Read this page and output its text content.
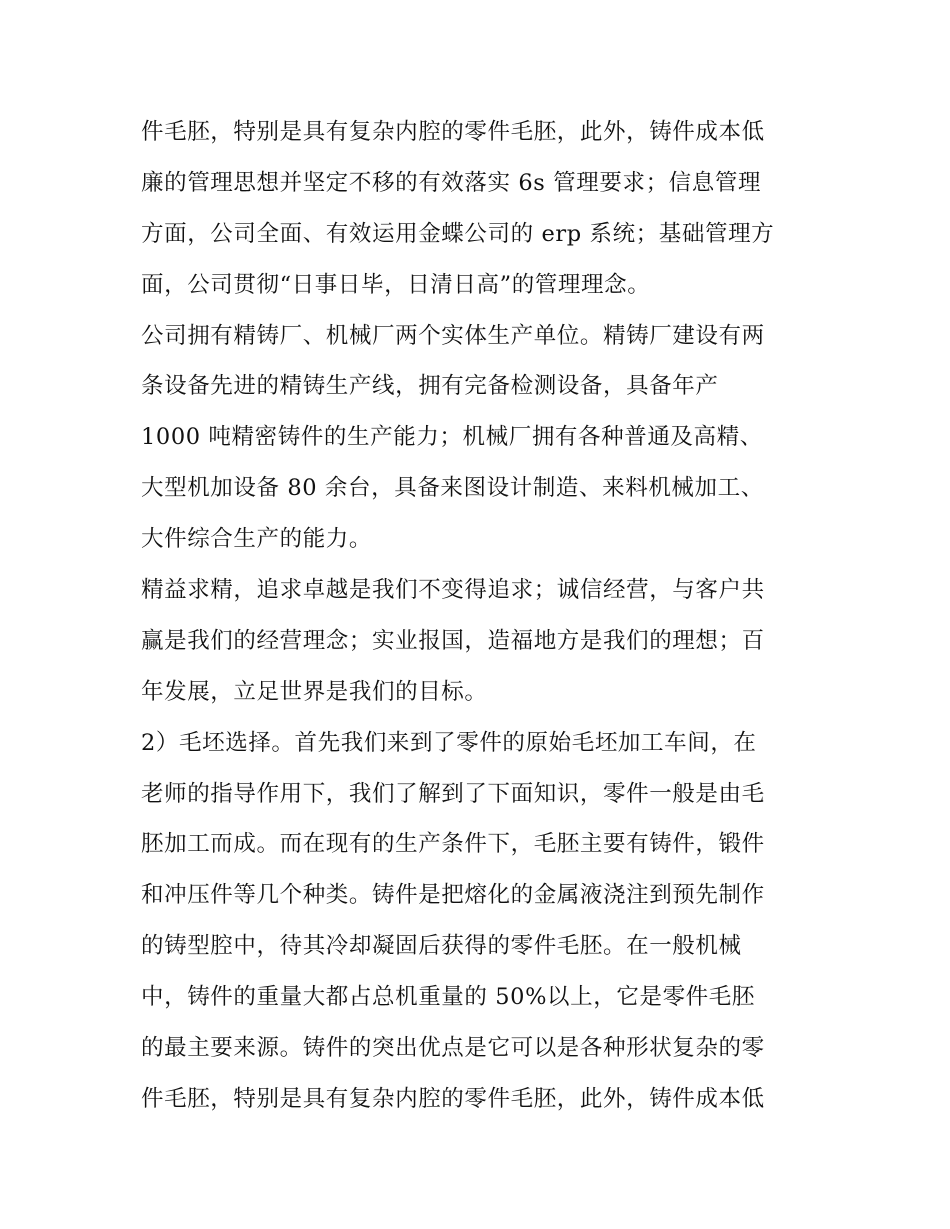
件毛胚，特别是具有复杂内腔的零件毛胚，此外，铸件成本低
廉的管理思想并坚定不移的有效落实 6s 管理要求；信息管理
方面，公司全面、有效运用金蝶公司的 erp 系统；基础管理方
面，公司贯彻“日事日毕，日清日高”的管理理念。
公司拥有精铸厂、机械厂两个实体生产单位。精铸厂建设有两
条设备先进的精铸生产线，拥有完备检测设备，具备年产
1000 吨精密铸件的生产能力；机械厂拥有各种普通及高精、
大型机加设备 80 余台，具备来图设计制造、来料机械加工、
大件综合生产的能力。
精益求精，追求卓越是我们不变得追求；诚信经营，与客户共
赢是我们的经营理念；实业报国，造福地方是我们的理想；百
年发展，立足世界是我们的目标。
2）毛坯选择。首先我们来到了零件的原始毛坯加工车间，在
老师的指导作用下，我们了解到了下面知识，零件一般是由毛
胚加工而成。而在现有的生产条件下，毛胚主要有铸件，锻件
和冲压件等几个种类。铸件是把熔化的金属液浇注到预先制作
的铸型腔中，待其冷却凝固后获得的零件毛胚。在一般机械
中，铸件的重量大都占总机重量的 50%以上，它是零件毛胚
的最主要来源。铸件的突出优点是它可以是各种形状复杂的零
件毛胚，特别是具有复杂内腔的零件毛胚，此外，铸件成本低
